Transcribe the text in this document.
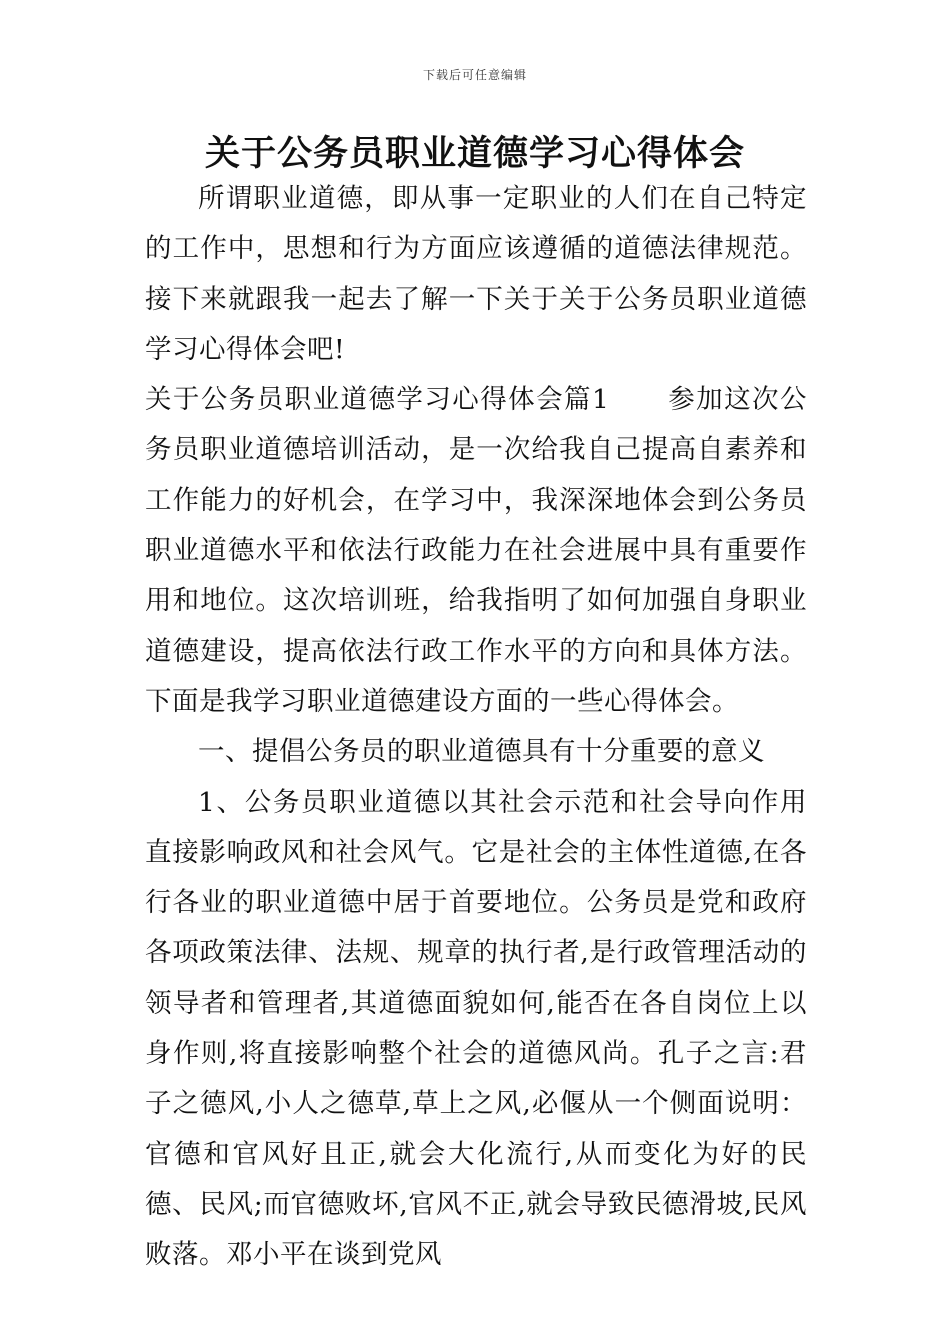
下载后可任意编辑
关于公务员职业道德学习心得体会

所谓职业道德，即从事一定职业的人们在自己特定的工作中，思想和行为方面应该遵循的道德法律规范。接下来就跟我一起去了解一下关于关于公务员职业道德学习心得体会吧!

关于公务员职业道德学习心得体会篇1 参加这次公务员职业道德培训活动，是一次给我自己提高自素养和工作能力的好机会，在学习中，我深深地体会到公务员职业道德水平和依法行政能力在社会进展中具有重要作用和地位。这次培训班，给我指明了如何加强自身职业道德建设，提高依法行政工作水平的方向和具体方法。下面是我学习职业道德建设方面的一些心得体会。

一、提倡公务员的职业道德具有十分重要的意义

1、公务员职业道德以其社会示范和社会导向作用直接影响政风和社会风气。它是社会的主体性道德,在各行各业的职业道德中居于首要地位。公务员是党和政府各项政策法律、法规、规章的执行者,是行政管理活动的领导者和管理者,其道德面貌如何,能否在各自岗位上以身作则,将直接影响整个社会的道德风尚。孔子之言:君子之德风,小人之德草,草上之风,必偃从一个侧面说明：官德和官风好且正,就会大化流行,从而变化为好的民德、民风;而官德败坏,官风不正,就会导致民德滑坡,民风败落。邓小平在谈到党风
